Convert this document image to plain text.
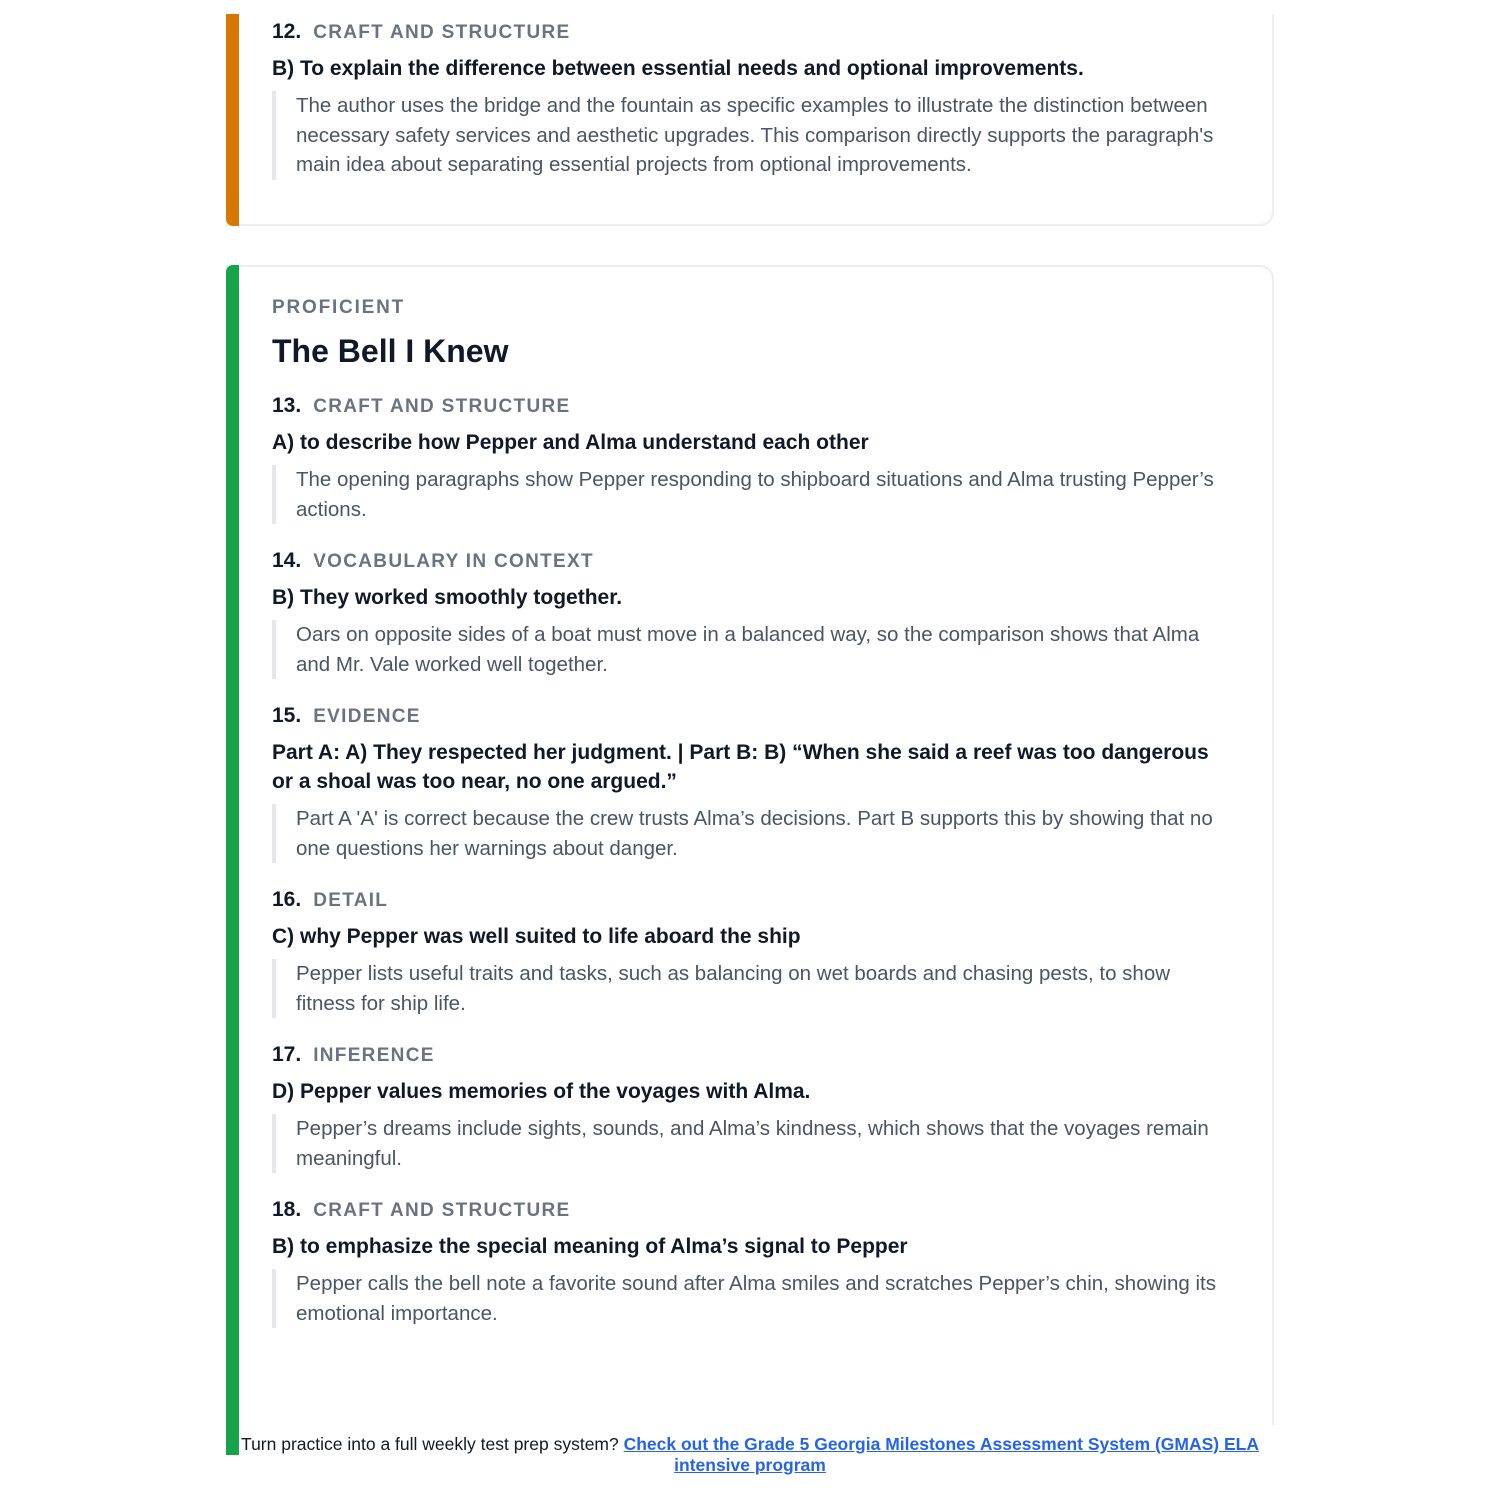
12. CRAFT AND STRUCTURE
B) To explain the difference between essential needs and optional improvements.
The author uses the bridge and the fountain as specific examples to illustrate the distinction between necessary safety services and aesthetic upgrades. This comparison directly supports the paragraph's main idea about separating essential projects from optional improvements.
PROFICIENT
The Bell I Knew
13. CRAFT AND STRUCTURE
A) to describe how Pepper and Alma understand each other
The opening paragraphs show Pepper responding to shipboard situations and Alma trusting Pepper’s actions.
14. VOCABULARY IN CONTEXT
B) They worked smoothly together.
Oars on opposite sides of a boat must move in a balanced way, so the comparison shows that Alma and Mr. Vale worked well together.
15. EVIDENCE
Part A: A) They respected her judgment. | Part B: B) “When she said a reef was too dangerous or a shoal was too near, no one argued.”
Part A 'A' is correct because the crew trusts Alma’s decisions. Part B supports this by showing that no one questions her warnings about danger.
16. DETAIL
C) why Pepper was well suited to life aboard the ship
Pepper lists useful traits and tasks, such as balancing on wet boards and chasing pests, to show fitness for ship life.
17. INFERENCE
D) Pepper values memories of the voyages with Alma.
Pepper’s dreams include sights, sounds, and Alma’s kindness, which shows that the voyages remain meaningful.
18. CRAFT AND STRUCTURE
B) to emphasize the special meaning of Alma’s signal to Pepper
Pepper calls the bell note a favorite sound after Alma smiles and scratches Pepper’s chin, showing its emotional importance.
Turn practice into a full weekly test prep system? Check out the Grade 5 Georgia Milestones Assessment System (GMAS) ELA intensive program
